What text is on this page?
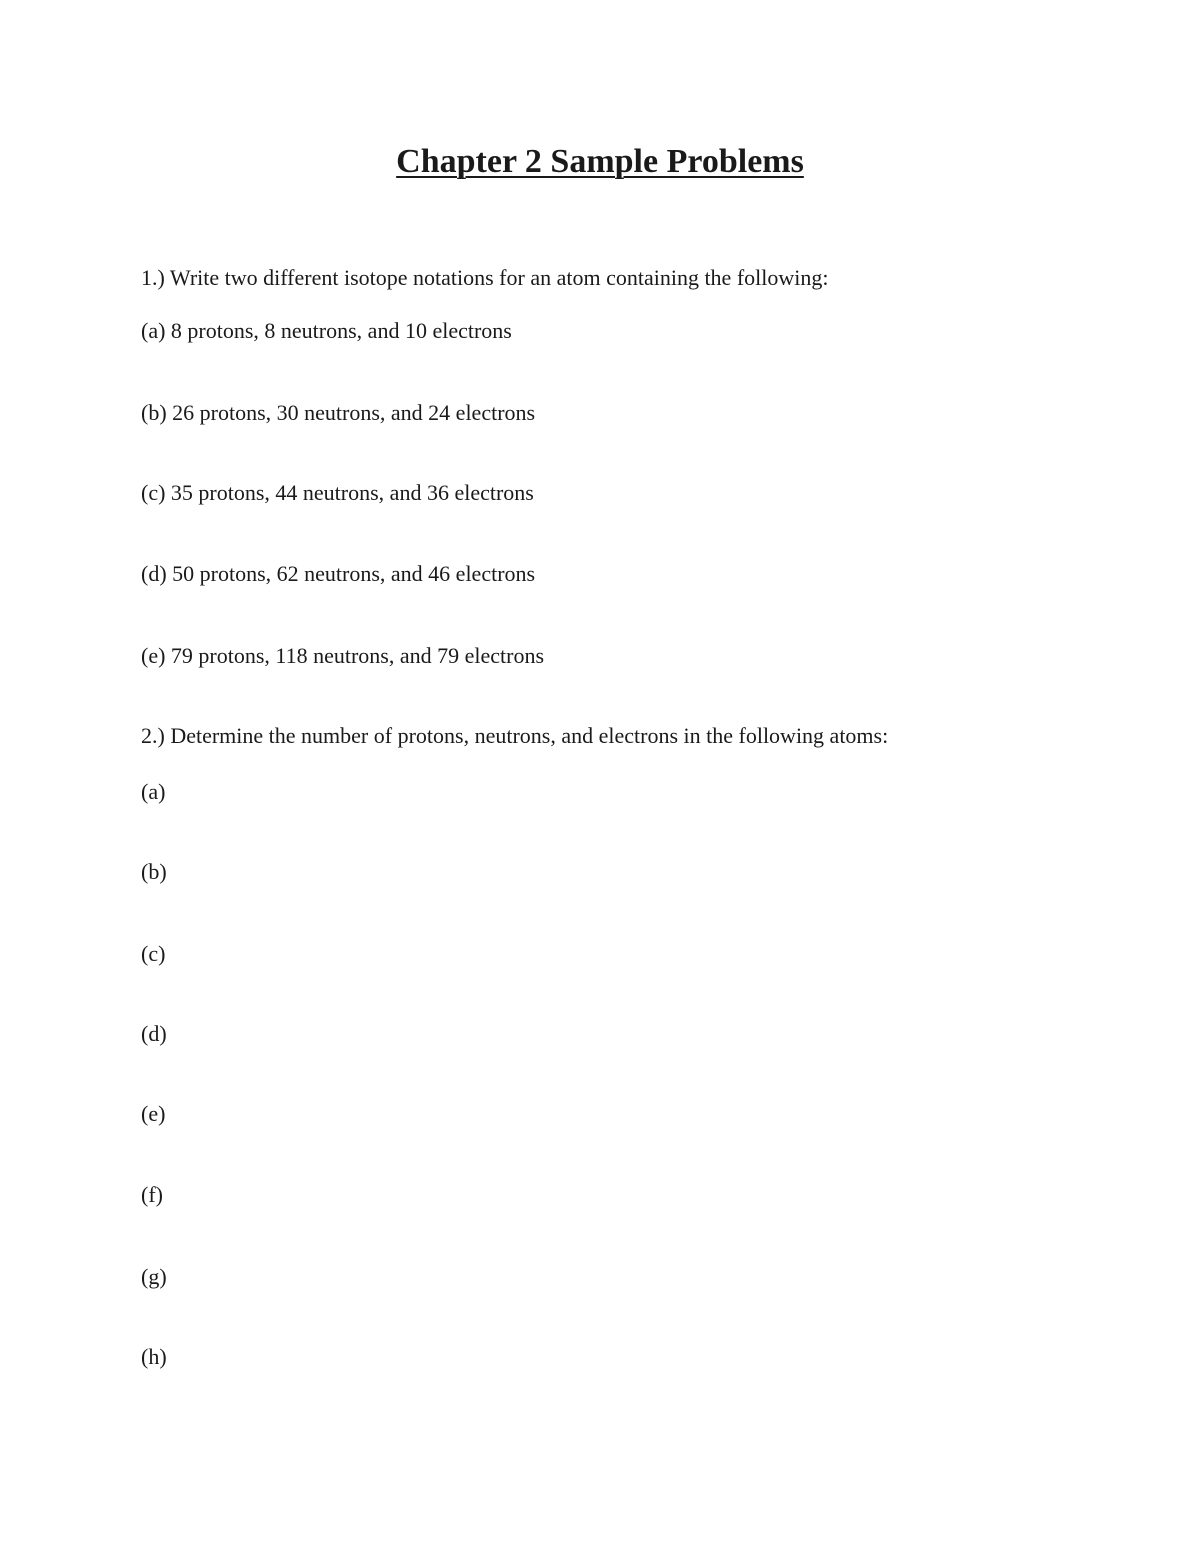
Chapter 2 Sample Problems
1.) Write two different isotope notations for an atom containing the following:
(a) 8 protons, 8 neutrons, and 10 electrons
(b) 26 protons, 30 neutrons, and 24 electrons
(c) 35 protons, 44 neutrons, and 36 electrons
(d) 50 protons, 62 neutrons, and 46 electrons
(e) 79 protons, 118 neutrons, and 79 electrons
2.) Determine the number of protons, neutrons, and electrons in the following atoms:
(a)
(b)
(c)
(d)
(e)
(f)
(g)
(h)
